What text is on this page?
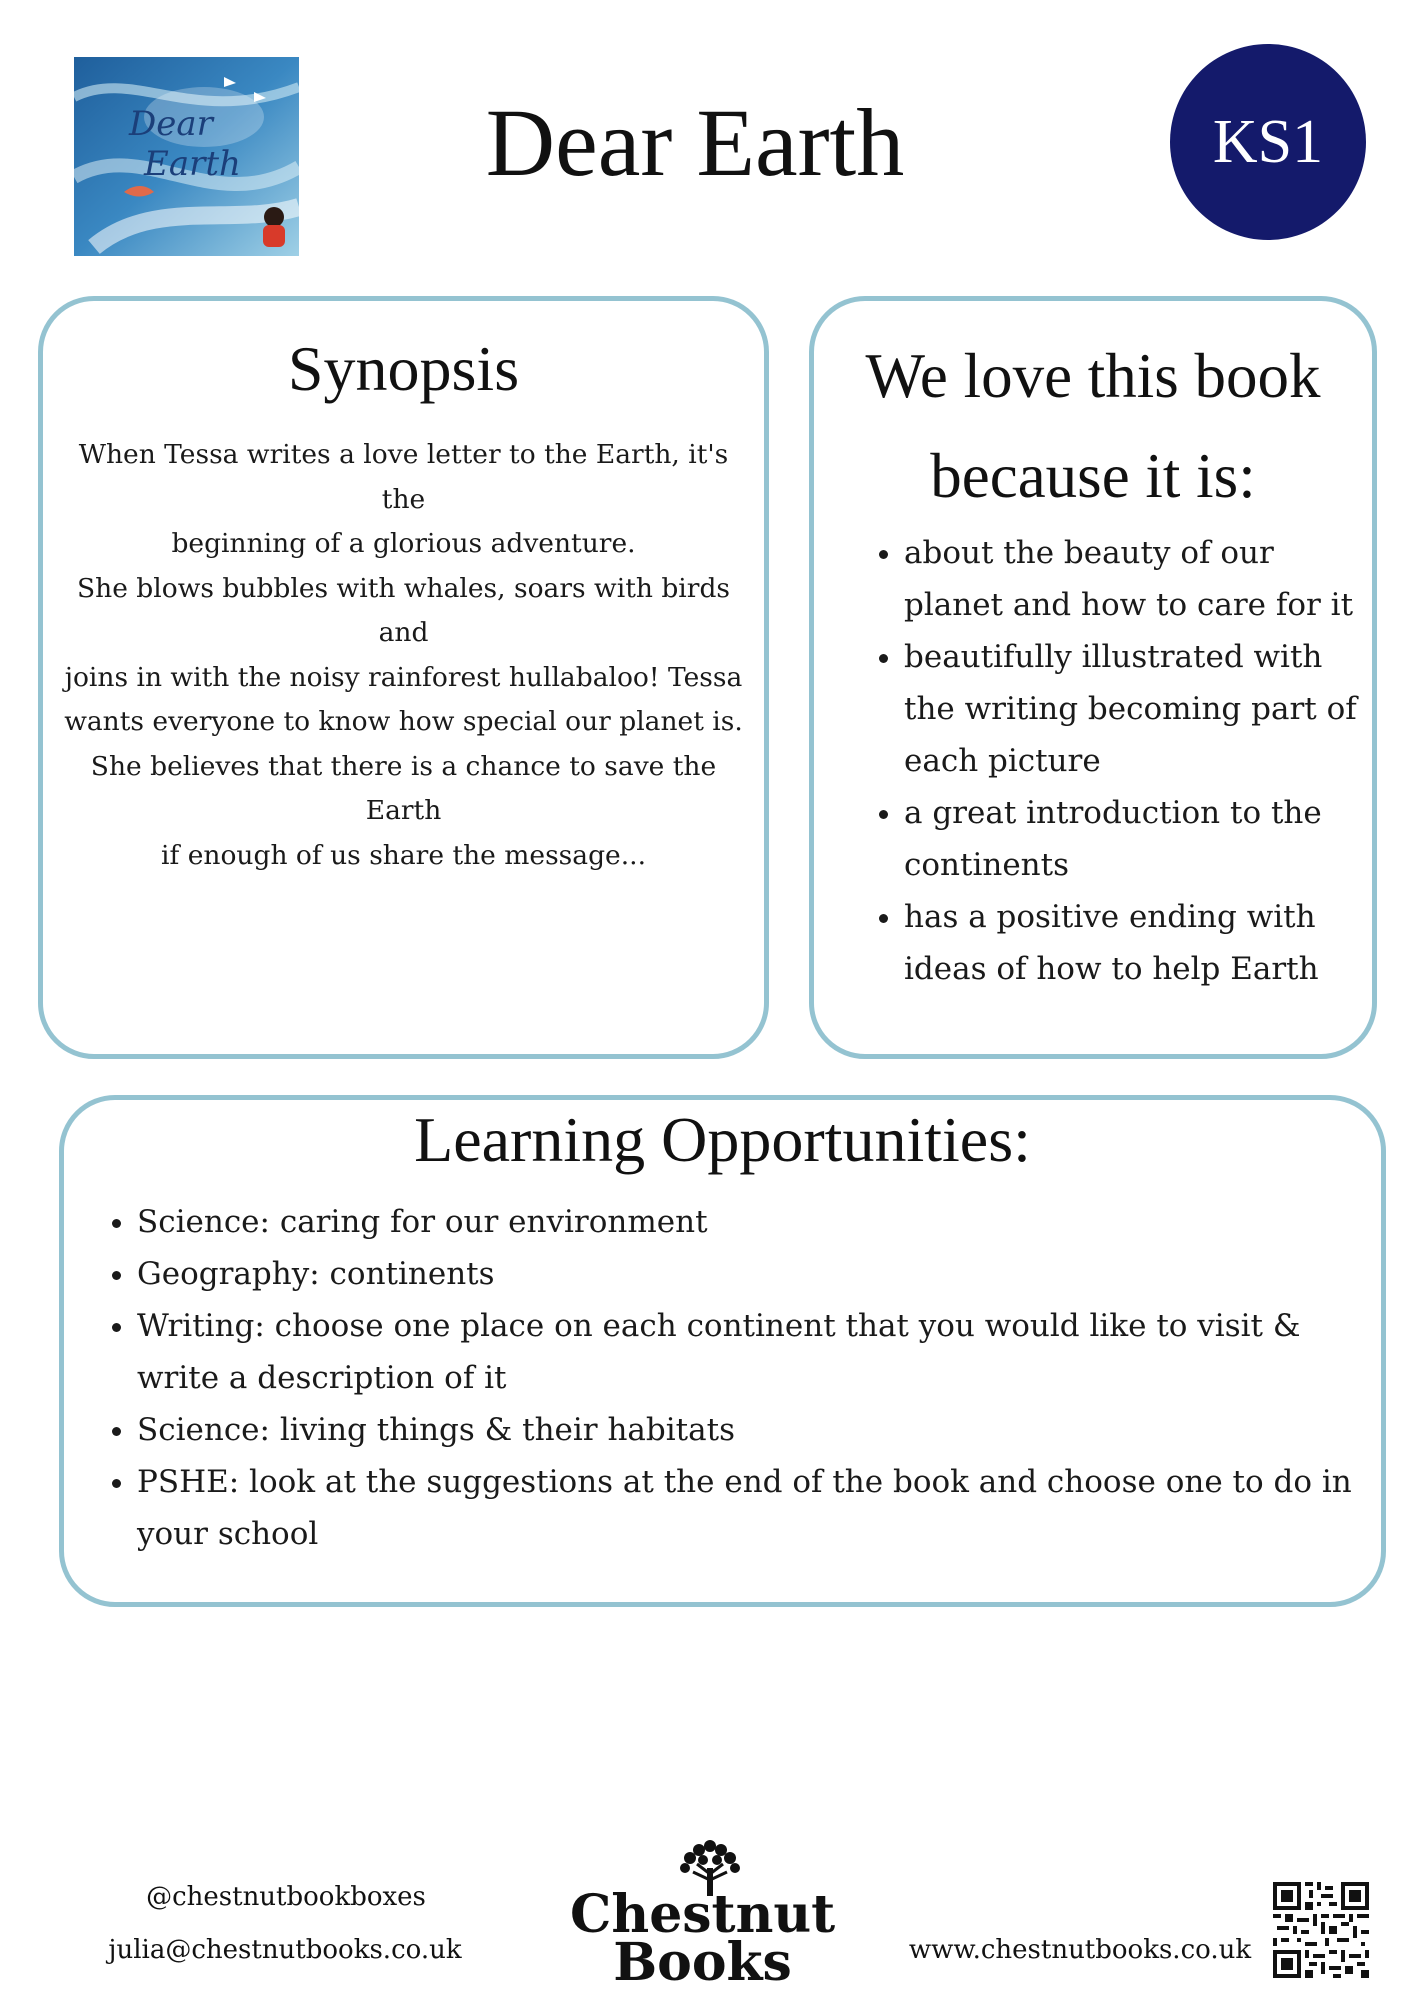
Dear
Earth	Dear Earth	KS1
Synopsis
When Tessa writes a love letter to the Earth, it's the
beginning of a glorious adventure.
She blows bubbles with whales, soars with birds and
joins in with the noisy rainforest hullabaloo! Tessa
wants everyone to know how special our planet is.
She believes that there is a chance to save the Earth
if enough of us share the message...
We love this book
because it is:
• about the beauty of our planet and how to care for it
• beautifully illustrated with the writing becoming part of each picture
• a great introduction to the continents
• has a positive ending with ideas of how to help Earth
Learning Opportunities:
• Science: caring for our environment
• Geography: continents
• Writing: choose one place on each continent that you would like to visit & write a description of it
• Science: living things & their habitats
• PSHE: look at the suggestions at the end of the book and choose one to do in your school
@chestnutbookboxes
julia@chestnutbooks.co.uk
Chestnut
Books	www.chestnutbooks.co.uk
